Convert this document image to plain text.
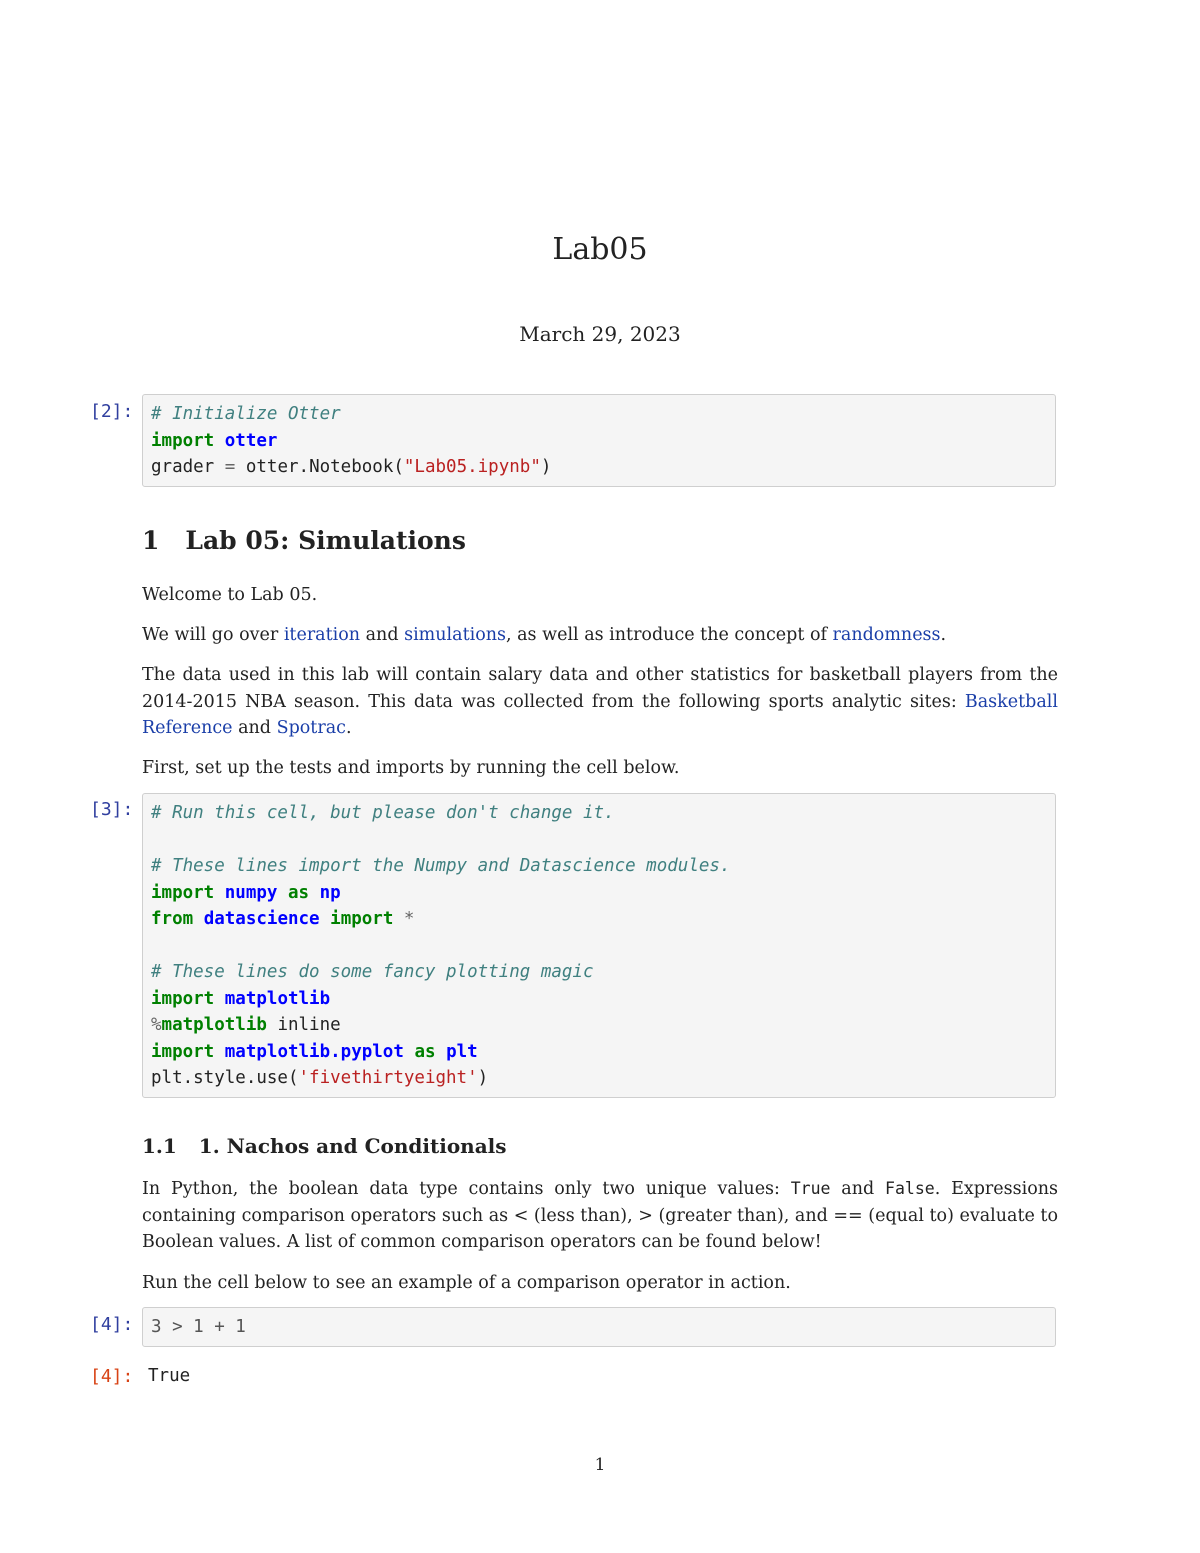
Lab05
March 29, 2023
[2]: # Initialize Otter
import otter
grader = otter.Notebook("Lab05.ipynb")
1 Lab 05: Simulations

Welcome to Lab 05.

We will go over iteration and simulations, as well as introduce the concept of randomness.

The data used in this lab will contain salary data and other statistics for basketball players from the 2014-2015 NBA season. This data was collected from the following sports analytic sites: Basketball Reference and Spotrac.

First, set up the tests and imports by running the cell below.

[3]: # Run this cell, but please don't change it.
# These lines import the Numpy and Datascience modules.
import numpy as np
from datascience import *
# These lines do some fancy plotting magic
import matplotlib
%matplotlib inline
import matplotlib.pyplot as plt
plt.style.use('fivethirtyeight')
1.1 1. Nachos and Conditionals

In Python, the boolean data type contains only two unique values: True and False. Expressions containing comparison operators such as < (less than), > (greater than), and == (equal to) evaluate to Boolean values. A list of common comparison operators can be found below!

Run the cell below to see an example of a comparison operator in action.

[4]: 3 > 1 + 1
[4]: True
1
